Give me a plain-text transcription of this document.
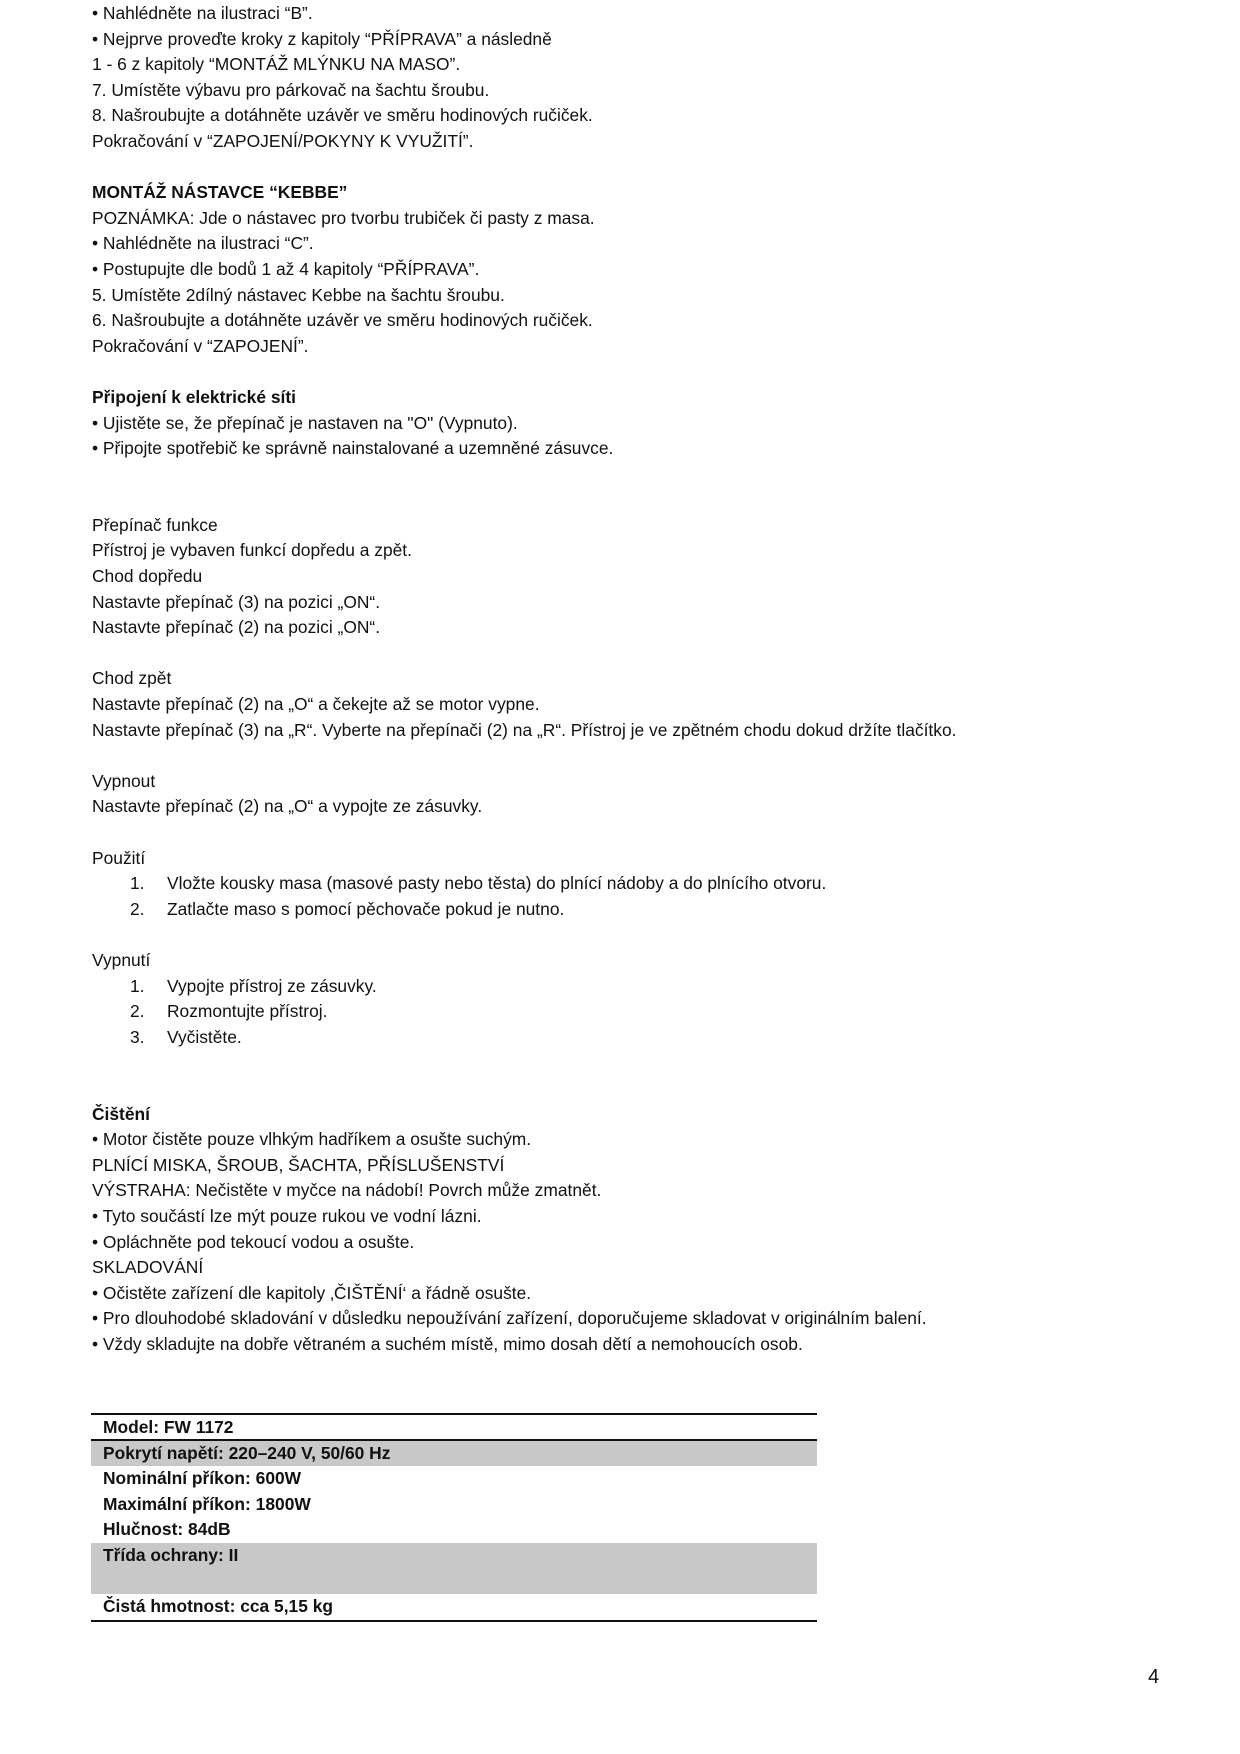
• Nahlédněte na ilustraci “B”.
• Nejprve proveďte kroky z kapitoly “PŘÍPRAVA” a následně
1 - 6 z kapitoly “MONTÁŽ MLÝNKU NA MASO”.
7. Umístěte výbavu pro párkovač na šachtu šroubu.
8. Našroubujte a dotáhněte uzávěr ve směru hodinových ručiček.
Pokračování v “ZAPOJENÍ/POKYNY K VYUŽITÍ”.
MONTÁŽ NÁSTAVCE “KEBBE”
POZNÁMKA: Jde o nástavec pro tvorbu trubiček či pasty z masa.
• Nahlédněte na ilustraci “C”.
• Postupujte dle bodů 1 až 4 kapitoly “PŘÍPRAVA”.
5. Umístěte 2dílný nástavec Kebbe na šachtu šroubu.
6. Našroubujte a dotáhněte uzávěr ve směru hodinových ručiček.
Pokračování v “ZAPOJENÍ”.
Připojení k elektrické síti
• Ujistěte se, že přepínač je nastaven na "O" (Vypnuto).
• Připojte spotřebič ke správně nainstalované a uzemněné zásuvce.
Přepínač funkce
Přístroj je vybaven funkcí dopředu a zpět.
Chod dopředu
Nastavte přepínač (3) na pozici „ON“.
Nastavte přepínač (2) na pozici „ON“.
Chod zpět
Nastavte přepínač (2) na „O“ a čekejte až se motor vypne.
Nastavte přepínač (3) na „R“. Vyberte na přepínači (2) na „R“. Přístroj je ve zpětném chodu dokud držíte tlačítko.
Vypnout
Nastavte přepínač (2) na „O“ a vypojte ze zásuvky.
Použití
1. Vložte kousky masa (masové pasty nebo těsta) do plnící nádoby a do plnícího otvoru.
2. Zatlačte maso s pomocí pěchovače pokud je nutno.
Vypnutí
1. Vypojte přístroj ze zásuvky.
2. Rozmontujte přístroj.
3. Vyčistěte.
Čištění
• Motor čistěte pouze vlhkým hadříkem a osušte suchým.
PLNÍCÍ MISKA, ŠROUB, ŠACHTA, PŘÍSLUŠENSTVÍ
VÝSTRAHA: Nečistěte v myčce na nádobí! Povrch může zmatnět.
• Tyto součástí lze mýt pouze rukou ve vodní lázni.
• Opláchněte pod tekoucí vodou a osušte.
SKLADOVÁNÍ
• Očistěte zařízení dle kapitoly ‚ČIŠTĚNÍ‘ a řádně osušte.
• Pro dlouhodobé skladování v důsledku nepoužívání zařízení, doporučujeme skladovat v originálním balení.
• Vždy skladujte na dobře větraném a suchém místě, mimo dosah dětí a nemohoucích osob.
Model: FW 1172
Pokrytí napětí: 220–240 V, 50/60 Hz
Nominální příkon: 600W
Maximální příkon: 1800W
Hlučnost: 84dB
Třída ochrany: II
Čistá hmotnost: cca 5,15 kg
4
